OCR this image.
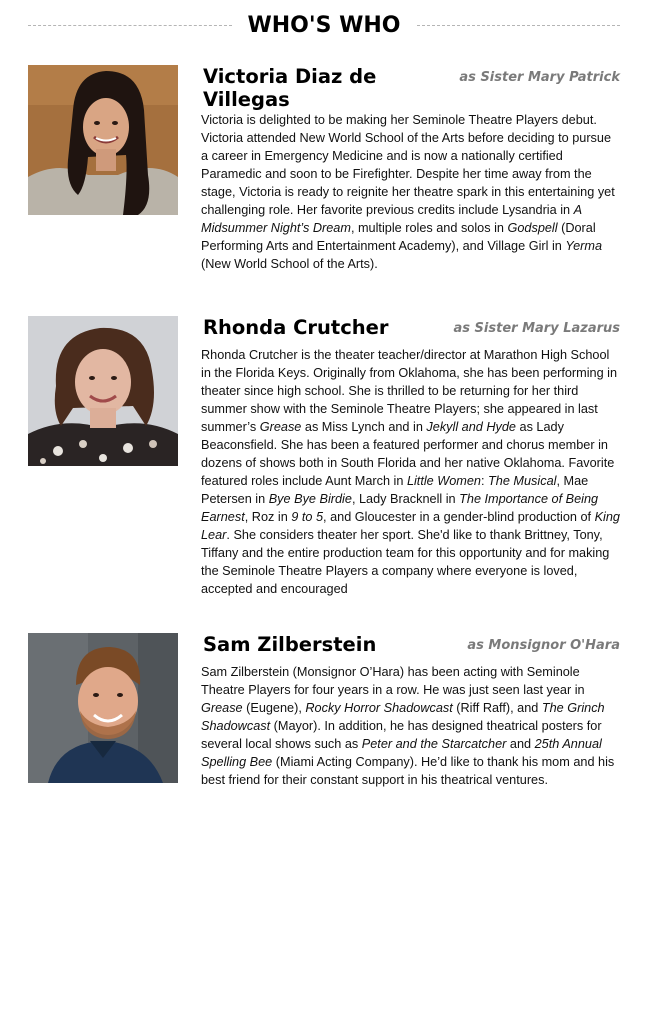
WHO'S WHO
Victoria Diaz de Villegas
as Sister Mary Patrick

Victoria is delighted to be making her Seminole Theatre Players debut. Victoria attended New World School of the Arts before deciding to pursue a career in Emergency Medicine and is now a nationally certified Paramedic and soon to be Firefighter. Despite her time away from the stage, Victoria is ready to reignite her theatre spark in this entertaining yet challenging role. Her favorite previous credits include Lysandria in A Midsummer Night’s Dream, multiple roles and solos in Godspell (Doral Performing Arts and Entertainment Academy), and Village Girl in Yerma (New World School of the Arts).

Rhonda Crutcher	as Sister Mary Lazarus

Rhonda Crutcher is the theater teacher/director at Marathon High School in the Florida Keys. Originally from Oklahoma, she has been performing in theater since high school. She is thrilled to be returning for her third summer show with the Seminole Theatre Players; she appeared in last summer’s Grease as Miss Lynch and in Jekyll and Hyde as Lady Beaconsfield. She has been a featured performer and chorus member in dozens of shows both in South Florida and her native Oklahoma. Favorite featured roles include Aunt March in Little Women: The Musical, Mae Petersen in Bye Bye Birdie, Lady Bracknell in The Importance of Being Earnest, Roz in 9 to 5, and Gloucester in a gender-blind production of King Lear. She considers theater her sport. She'd like to thank Brittney, Tony, Tiffany and the entire production team for this opportunity and for making the Seminole Theatre Players a company where everyone is loved, accepted and encouraged

Sam Zilberstein	as Monsignor O'Hara

Sam Zilberstein (Monsignor O’Hara) has been acting with Seminole Theatre Players for four years in a row. He was just seen last year in Grease (Eugene), Rocky Horror Shadowcast (Riff Raff), and The Grinch Shadowcast (Mayor). In addition, he has designed theatrical posters for several local shows such as Peter and the Starcatcher and 25th Annual Spelling Bee (Miami Acting Company). He’d like to thank his mom and his best friend for their constant support in his theatrical ventures.
